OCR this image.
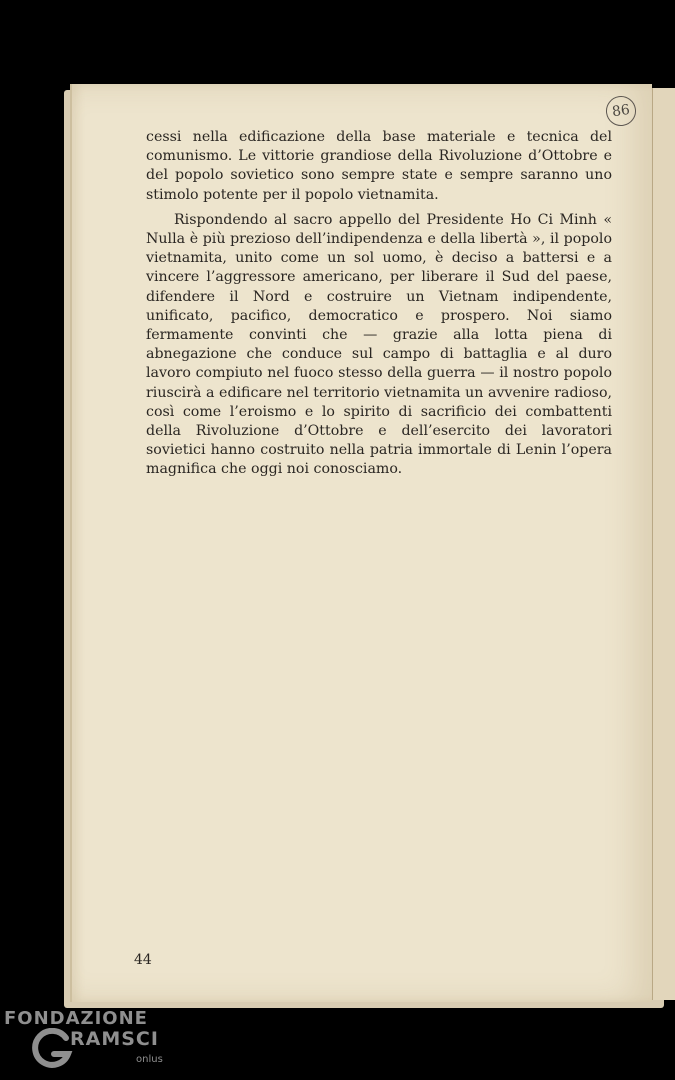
86

cessi nella edificazione della base materiale e tecnica del comunismo. Le vittorie grandiose della Rivoluzione d’Ottobre e del popolo sovietico sono sempre state e sempre saranno uno stimolo potente per il popolo vietnamita.

Rispondendo al sacro appello del Presidente Ho Ci Minh « Nulla è più prezioso dell’indipendenza e della libertà », il popolo vietnamita, unito come un sol uomo, è deciso a battersi e a vincere l’aggressore americano, per liberare il Sud del paese, difendere il Nord e costruire un Vietnam indipendente, unificato, pacifico, democratico e prospero. Noi siamo fermamente convinti che — grazie alla lotta piena di abnegazione che conduce sul campo di battaglia e al duro lavoro compiuto nel fuoco stesso della guerra — il nostro popolo riuscirà a edificare nel territorio vietnamita un avvenire radioso, così come l’eroismo e lo spirito di sacrificio dei combattenti della Rivoluzione d’Ottobre e dell’esercito dei lavoratori sovietici hanno costruito nella patria immortale di Lenin l’opera magnifica che oggi noi conosciamo.

44
FONDAZIONE
RAMSCI
onlus
